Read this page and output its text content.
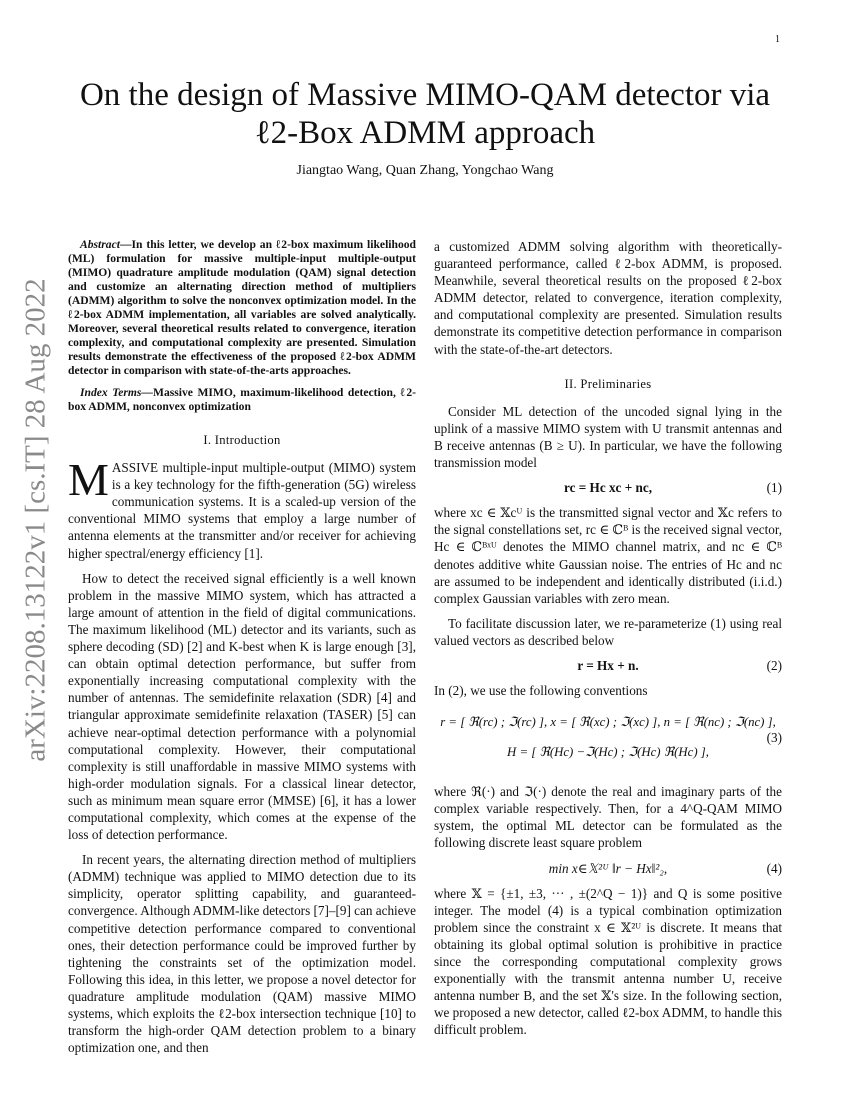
1
arXiv:2208.13122v1 [cs.IT] 28 Aug 2022
On the design of Massive MIMO-QAM detector via ℓ2-Box ADMM approach
Jiangtao Wang, Quan Zhang, Yongchao Wang

Abstract—In this letter, we develop an ℓ2-box maximum likelihood (ML) formulation for massive multiple-input multiple-output (MIMO) quadrature amplitude modulation (QAM) signal detection and customize an alternating direction method of multipliers (ADMM) algorithm to solve the nonconvex optimization model. In the ℓ2-box ADMM implementation, all variables are solved analytically. Moreover, several theoretical results related to convergence, iteration complexity, and computational complexity are presented. Simulation results demonstrate the effectiveness of the proposed ℓ2-box ADMM detector in comparison with state-of-the-arts approaches.

Index Terms—Massive MIMO, maximum-likelihood detection, ℓ2-box ADMM, nonconvex optimization

I. Introduction

MASSIVE multiple-input multiple-output (MIMO) system is a key technology for the fifth-generation (5G) wireless communication systems. It is a scaled-up version of the conventional MIMO systems that employ a large number of antenna elements at the transmitter and/or receiver for achieving higher spectral/energy efficiency [1].

How to detect the received signal efficiently is a well known problem in the massive MIMO system, which has attracted a large amount of attention in the field of digital communications. The maximum likelihood (ML) detector and its variants, such as sphere decoding (SD) [2] and K-best when K is large enough [3], can obtain optimal detection performance, but suffer from exponentially increasing computational complexity with the number of antennas. The semidefinite relaxation (SDR) [4] and triangular approximate semidefinite relaxation (TASER) [5] can achieve near-optimal detection performance with a polynomial computational complexity. However, their computational complexity is still unaffordable in massive MIMO systems with high-order modulation signals. For a classical linear detector, such as minimum mean square error (MMSE) [6], it has a lower computational complexity, which comes at the expense of the loss of detection performance.

In recent years, the alternating direction method of multipliers (ADMM) technique was applied to MIMO detection due to its simplicity, operator splitting capability, and guaranteed-convergence. Although ADMM-like detectors [7]–[9] can achieve competitive detection performance compared to conventional ones, their detection performance could be improved further by tightening the constraints set of the optimization model. Following this idea, in this letter, we propose a novel detector for quadrature amplitude modulation (QAM) massive MIMO systems, which exploits the ℓ2-box intersection technique [10] to transform the high-order QAM detection problem to a binary optimization one, and then

a customized ADMM solving algorithm with theoretically-guaranteed performance, called ℓ2-box ADMM, is proposed. Meanwhile, several theoretical results on the proposed ℓ2-box ADMM detector, related to convergence, iteration complexity, and computational complexity are presented. Simulation results demonstrate its competitive detection performance in comparison with the state-of-the-art detectors.

II. Preliminaries

Consider ML detection of the uncoded signal lying in the uplink of a massive MIMO system with U transmit antennas and B receive antennas (B ≥ U). In particular, we have the following transmission model

rc = Hc xc + nc,	(1)

where xc ∈ 𝕏cᵁ is the transmitted signal vector and 𝕏c refers to the signal constellations set, rc ∈ ℂᴮ is the received signal vector, Hc ∈ ℂᴮˣᵁ denotes the MIMO channel matrix, and nc ∈ ℂᴮ denotes additive white Gaussian noise. The entries of Hc and nc are assumed to be independent and identically distributed (i.i.d.) complex Gaussian variables with zero mean.

To facilitate discussion later, we re-parameterize (1) using real valued vectors as described below

r = Hx + n.	(2)

In (2), we use the following conventions

r = [ ℜ(rc) ; ℑ(rc) ], x = [ ℜ(xc) ; ℑ(xc) ], n = [ ℜ(nc) ; ℑ(nc) ],
H = [ ℜ(Hc) −ℑ(Hc) ; ℑ(Hc) ℜ(Hc) ],
(3)

where ℜ(·) and ℑ(·) denote the real and imaginary parts of the complex variable respectively. Then, for a 4^Q-QAM MIMO system, the optimal ML detector can be formulated as the following discrete least square problem

min x∈𝕏²ᵁ ‖r − Hx‖²₂,	(4)

where 𝕏 = {±1, ±3, ··· , ±(2^Q − 1)} and Q is some positive integer. The model (4) is a typical combination optimization problem since the constraint x ∈ 𝕏²ᵁ is discrete. It means that obtaining its global optimal solution is prohibitive in practice since the corresponding computational complexity grows exponentially with the transmit antenna number U, receive antenna number B, and the set 𝕏's size. In the following section, we proposed a new detector, called ℓ2-box ADMM, to handle this difficult problem.
